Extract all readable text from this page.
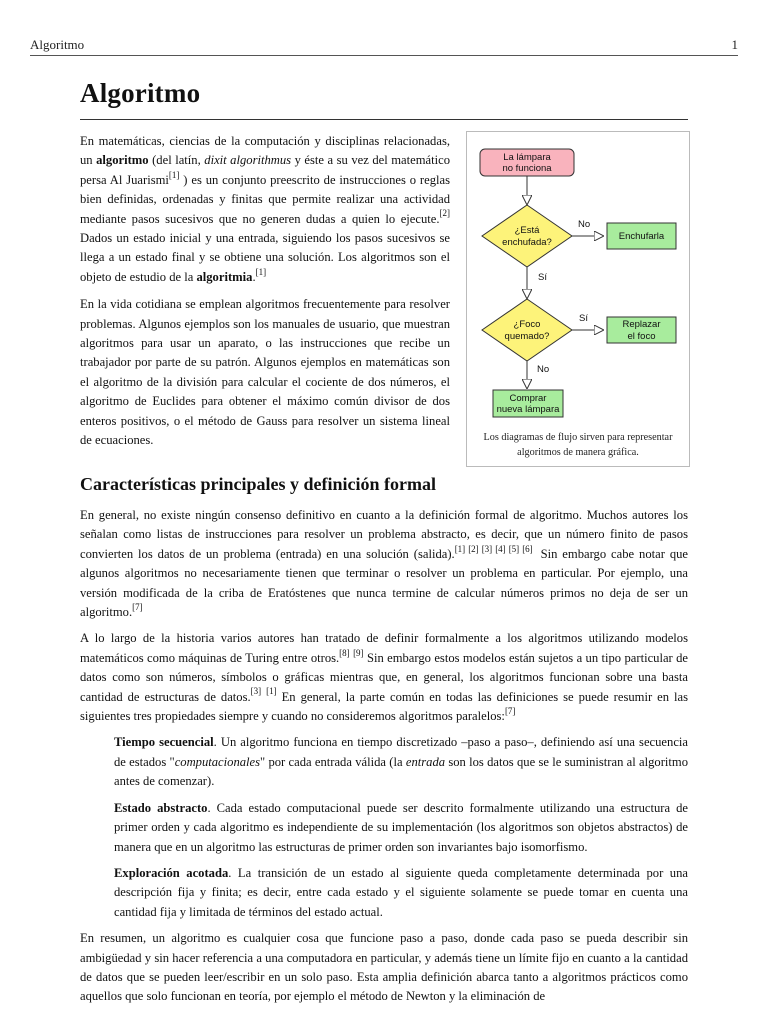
Algoritmo	1
Algoritmo

En matemáticas, ciencias de la computación y disciplinas relacionadas, un algoritmo (del latín, dixit algorithmus y éste a su vez del matemático persa Al Juarismi[1] ) es un conjunto preescrito de instrucciones o reglas bien definidas, ordenadas y finitas que permite realizar una actividad mediante pasos sucesivos que no generen dudas a quien lo ejecute.[2] Dados un estado inicial y una entrada, siguiendo los pasos sucesivos se llega a un estado final y se obtiene una solución. Los algoritmos son el objeto de estudio de la algoritmia.[1]

En la vida cotidiana se emplean algoritmos frecuentemente para resolver problemas. Algunos ejemplos son los manuales de usuario, que muestran algoritmos para usar un aparato, o las instrucciones que recibe un trabajador por parte de su patrón. Algunos ejemplos en matemáticas son el algoritmo de la división para calcular el cociente de dos números, el algoritmo de Euclides para obtener el máximo común divisor de dos enteros positivos, o el método de Gauss para resolver un sistema lineal de ecuaciones.

La lámpara
no funciona
¿Está
enchufada?
No
Enchufarla
Sí
¿Foco
quemado?
Sí
Replazar
el foco
No
Comprar
nueva lámpara
Los diagramas de flujo sirven para representar
algoritmos de manera gráfica.
Características principales y definición formal

En general, no existe ningún consenso definitivo en cuanto a la definición formal de algoritmo. Muchos autores los señalan como listas de instrucciones para resolver un problema abstracto, es decir, que un número finito de pasos convierten los datos de un problema (entrada) en una solución (salida).[1] [2] [3] [4] [5] [6] Sin embargo cabe notar que algunos algoritmos no necesariamente tienen que terminar o resolver un problema en particular. Por ejemplo, una versión modificada de la criba de Eratóstenes que nunca termine de calcular números primos no deja de ser un algoritmo.[7]

A lo largo de la historia varios autores han tratado de definir formalmente a los algoritmos utilizando modelos matemáticos como máquinas de Turing entre otros.[8] [9] Sin embargo estos modelos están sujetos a un tipo particular de datos como son números, símbolos o gráficas mientras que, en general, los algoritmos funcionan sobre una basta cantidad de estructuras de datos.[3] [1] En general, la parte común en todas las definiciones se puede resumir en las siguientes tres propiedades siempre y cuando no consideremos algoritmos paralelos:[7]

Tiempo secuencial. Un algoritmo funciona en tiempo discretizado –paso a paso–, definiendo así una secuencia de estados "computacionales" por cada entrada válida (la entrada son los datos que se le suministran al algoritmo antes de comenzar).

Estado abstracto. Cada estado computacional puede ser descrito formalmente utilizando una estructura de primer orden y cada algoritmo es independiente de su implementación (los algoritmos son objetos abstractos) de manera que en un algoritmo las estructuras de primer orden son invariantes bajo isomorfismo.

Exploración acotada. La transición de un estado al siguiente queda completamente determinada por una descripción fija y finita; es decir, entre cada estado y el siguiente solamente se puede tomar en cuenta una cantidad fija y limitada de términos del estado actual.

En resumen, un algoritmo es cualquier cosa que funcione paso a paso, donde cada paso se pueda describir sin ambigüedad y sin hacer referencia a una computadora en particular, y además tiene un límite fijo en cuanto a la cantidad de datos que se pueden leer/escribir en un solo paso. Esta amplia definición abarca tanto a algoritmos prácticos como aquellos que solo funcionan en teoría, por ejemplo el método de Newton y la eliminación de
